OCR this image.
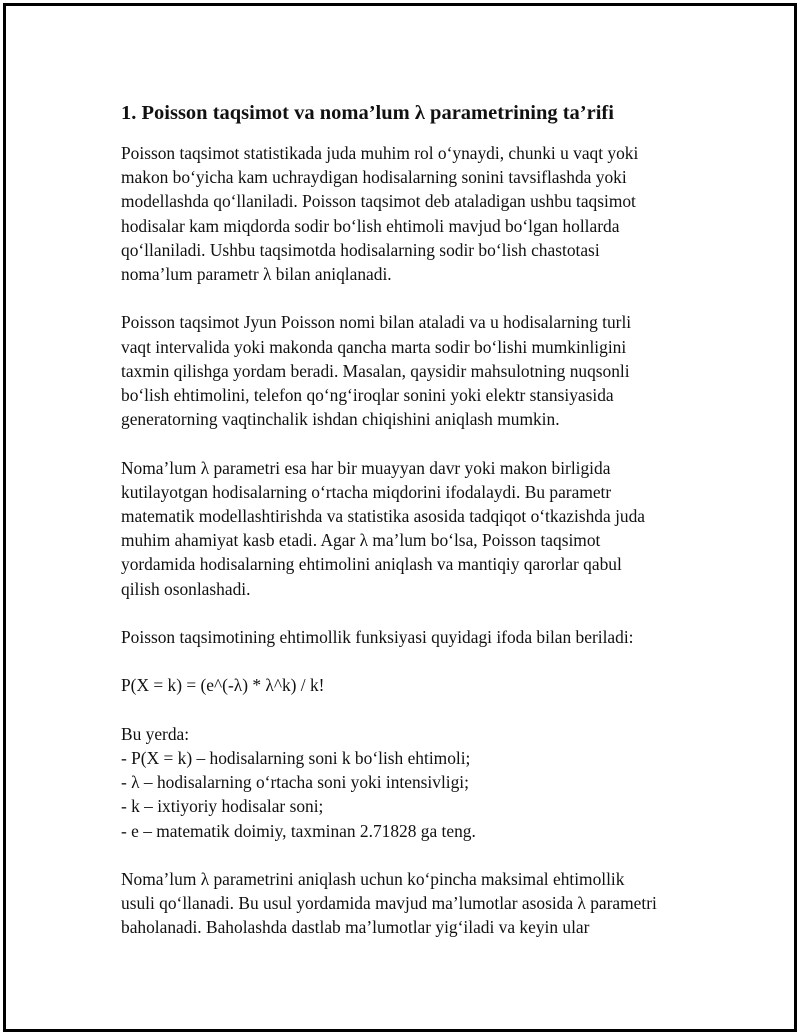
1. Poisson taqsimot va noma’lum λ parametrining ta’rifi

Poisson taqsimot statistikada juda muhim rol oʻynaydi, chunki u vaqt yoki
makon boʻyicha kam uchraydigan hodisalarning sonini tavsiflashda yoki
modellashda qoʻllaniladi. Poisson taqsimot deb ataladigan ushbu taqsimot
hodisalar kam miqdorda sodir boʻlish ehtimoli mavjud boʻlgan hollarda
qoʻllaniladi. Ushbu taqsimotda hodisalarning sodir boʻlish chastotasi
noma’lum parametr λ bilan aniqlanadi.

Poisson taqsimot Jyun Poisson nomi bilan ataladi va u hodisalarning turli
vaqt intervalida yoki makonda qancha marta sodir boʻlishi mumkinligini
taxmin qilishga yordam beradi. Masalan, qaysidir mahsulotning nuqsonli
boʻlish ehtimolini, telefon qoʻngʻiroqlar sonini yoki elektr stansiyasida
generatorning vaqtinchalik ishdan chiqishini aniqlash mumkin.

Noma’lum λ parametri esa har bir muayyan davr yoki makon birligida
kutilayotgan hodisalarning oʻrtacha miqdorini ifodalaydi. Bu parametr
matematik modellashtirishda va statistika asosida tadqiqot oʻtkazishda juda
muhim ahamiyat kasb etadi. Agar λ ma’lum boʻlsa, Poisson taqsimot
yordamida hodisalarning ehtimolini aniqlash va mantiqiy qarorlar qabul
qilish osonlashadi.

Poisson taqsimotining ehtimollik funksiyasi quyidagi ifoda bilan beriladi:

P(X = k) = (e^(-λ) * λ^k) / k!

Bu yerda:
- P(X = k) – hodisalarning soni k boʻlish ehtimoli;
- λ – hodisalarning oʻrtacha soni yoki intensivligi;
- k – ixtiyoriy hodisalar soni;
- e – matematik doimiy, taxminan 2.71828 ga teng.

Noma’lum λ parametrini aniqlash uchun koʻpincha maksimal ehtimollik
usuli qoʻllanadi. Bu usul yordamida mavjud ma’lumotlar asosida λ parametri
baholanadi. Baholashda dastlab ma’lumotlar yigʻiladi va keyin ular
